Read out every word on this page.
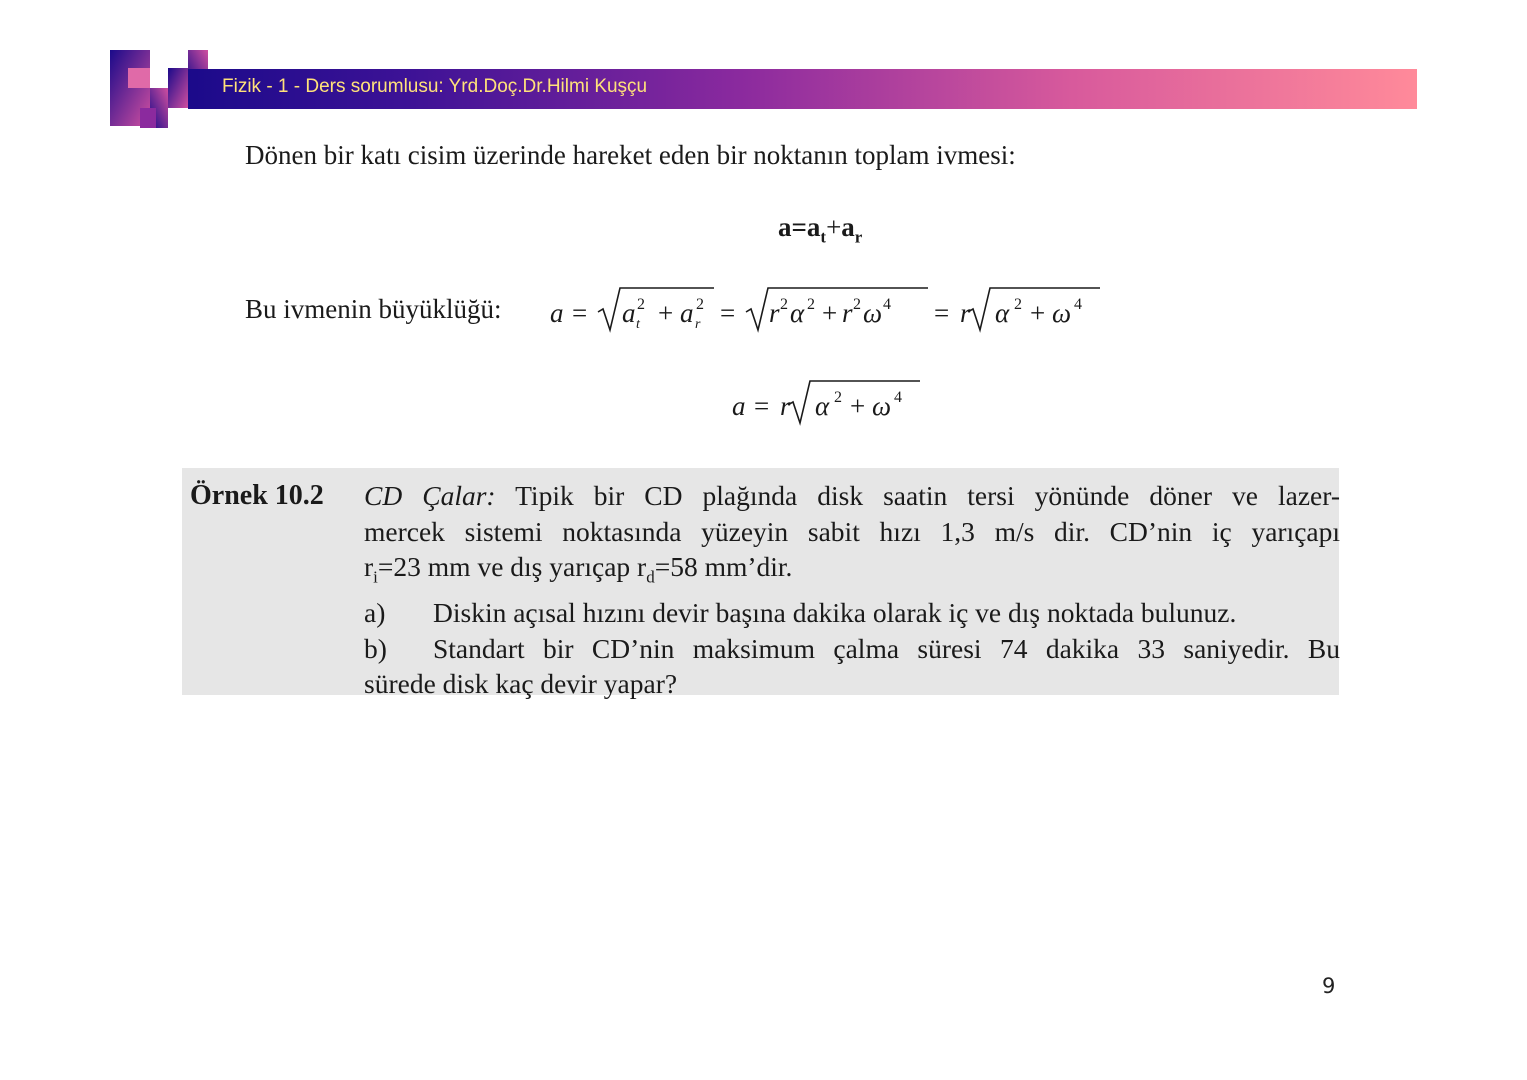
Fizik - 1 - Ders sorumlusu: Yrd.Doç.Dr.Hilmi Kuşçu
Dönen bir katı cisim üzerinde hareket eden bir noktanın toplam ivmesi:
$a=a_t+a_r$
Bu ivmenin büyüklüğü: a = a 2
t + a 2
r = r 2 α 2 + r 2 ω 4 = r α 2 + ω 4
a = r α 2 + ω 4
Örnek 10.2 CD Çalar: Tipik bir CD plağında disk saatin tersi yönünde döner ve lazer-
mercek sistemi noktasında yüzeyin sabit hızı 1,3 m/s dir. CD’nin iç yarıçapı
$r_i=23$ mm ve dış yarıçap $r_d=58$ mm’dir.
a)	Diskin açısal hızını devir başına dakika olarak iç ve dış noktada bulunuz.
b)	Standart bir CD’nin maksimum çalma süresi 74 dakika 33 saniyedir. Bu
sürede disk kaç devir yapar?
9
